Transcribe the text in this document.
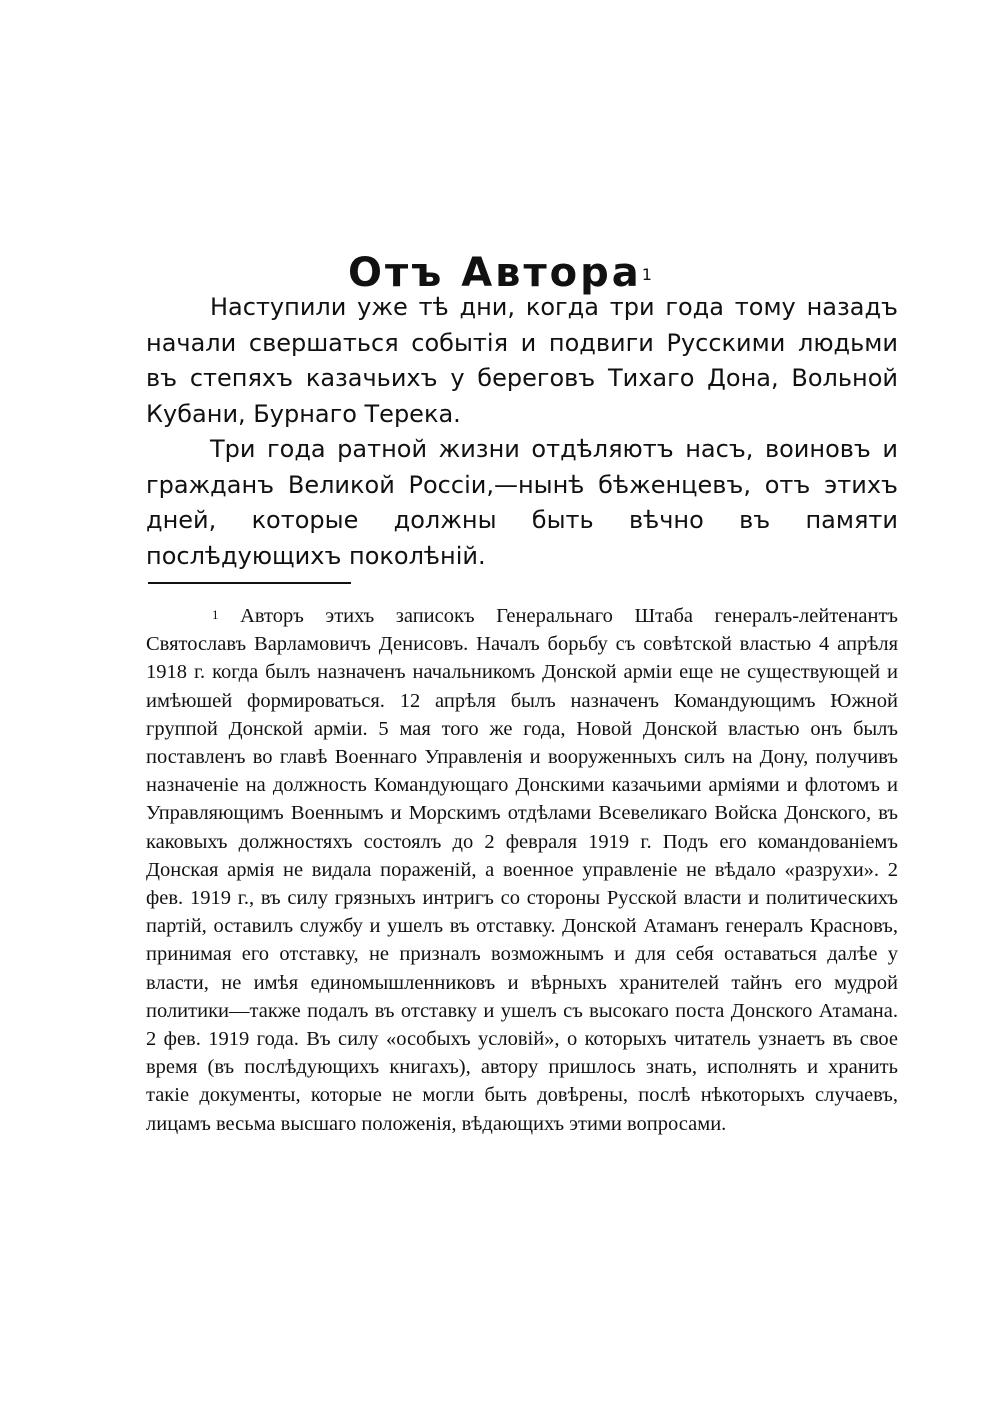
Отъ Автора$^1$

Наступили уже тѣ дни, когда три года тому назадъ начали свершаться событія и подвиги Русскими людьми въ степяхъ казачьихъ у береговъ Тихаго Дона, Вольной Кубани, Бурнаго Терека.

Три года ратной жизни отдѣляютъ насъ, воиновъ и гражданъ Великой Россіи,—нынѣ бѣженцевъ, отъ этихъ дней, которые должны быть вѣчно въ памяти послѣдующихъ поколѣній.

$^1$ Авторъ этихъ записокъ Генеральнаго Штаба генералъ-лейтенантъ Святославъ Варламовичъ Денисовъ. Началъ борьбу съ совѣтской властью 4 апрѣля 1918 г. когда былъ назначенъ начальникомъ Донской арміи еще не существующей и имѣюшей формироваться. 12 апрѣля былъ назначенъ Командующимъ Южной группой Донской арміи. 5 мая того же года, Новой Донской властью онъ былъ поставленъ во главѣ Военнаго Управленія и вооруженныхъ силъ на Дону, получивъ назначеніе на должность Командующаго Донскими казачьими арміями и флотомъ и Управляющимъ Военнымъ и Морскимъ отдѣлами Всевеликаго Войска Донского, въ каковыхъ должностяхъ состоялъ до 2 февраля 1919 г. Подъ его командованіемъ Донская армія не видала пораженій, а военное управленіе не вѣдало «разрухи». 2 фев. 1919 г., въ силу грязныхъ интригъ со стороны Русской власти и политическихъ партій, оставилъ службу и ушелъ въ отставку. Донской Атаманъ генералъ Красновъ, принимая его отставку, не призналъ возможнымъ и для себя оставаться далѣе у власти, не имѣя единомышленниковъ и вѣрныхъ хранителей тайнъ его мудрой политики—также подалъ въ отставку и ушелъ съ высокаго поста Донского Атамана. 2 фев. 1919 года. Въ силу «особыхъ условій», о которыхъ читатель узнаетъ въ свое время (въ послѣдующихъ книгахъ), автору пришлось знать, исполнять и хранить такіе документы, которые не могли быть довѣрены, послѣ нѣкоторыхъ случаевъ, лицамъ весьма высшаго положенія, вѣдающихъ этими вопросами.
